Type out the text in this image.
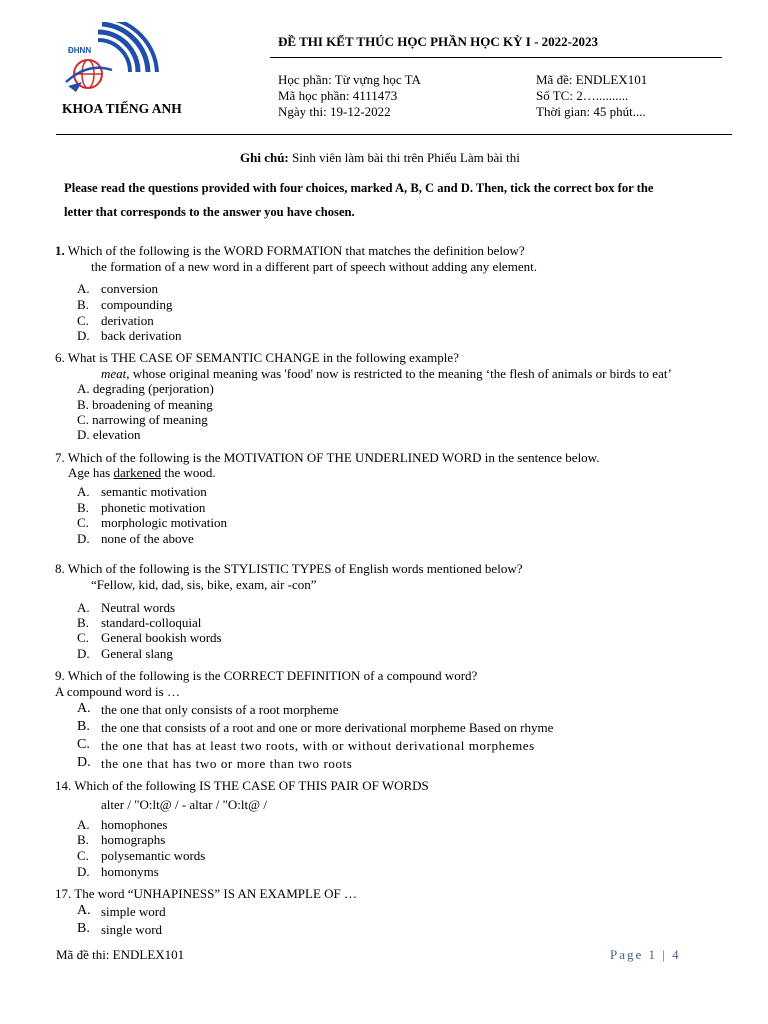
ĐHNN
KHOA TIẾNG ANH
ĐỀ THI KẾT THÚC HỌC PHẦN HỌC KỲ I - 2022-2023
Học phần: Từ vựng học TA
Mã học phần: 4111473
Ngày thi: 19-12-2022
Mã đề: ENDLEX101
Số TC: 2…..........
Thời gian: 45 phút....
Ghi chú: Sinh viên làm bài thi trên Phiếu Làm bài thi
Please read the questions provided with four choices, marked A, B, C and D. Then, tick the correct box for the
letter that corresponds to the answer you have chosen.
1. Which of the following is the WORD FORMATION that matches the definition below?
the formation of a new word in a different part of speech without adding any element.
A. conversion
B. compounding
C. derivation
D. back derivation
6. What is THE CASE OF SEMANTIC CHANGE in the following example?
meat, whose original meaning was 'food' now is restricted to the meaning ‘the flesh of animals or birds to eat’
A. degrading (perjoration)
B. broadening of meaning
C. narrowing of meaning
D. elevation
7. Which of the following is the MOTIVATION OF THE UNDERLINED WORD in the sentence below.
Age has darkened the wood.
A. semantic motivation
B. phonetic motivation
C. morphologic motivation
D. none of the above
8. Which of the following is the STYLISTIC TYPES of English words mentioned below?
“Fellow, kid, dad, sis, bike, exam, air -con”
A. Neutral words
B. standard-colloquial
C. General bookish words
D. General slang
9. Which of the following is the CORRECT DEFINITION of a compound word?
A compound word is …
A. the one that only consists of a root morpheme
B. the one that consists of a root and one or more derivational morpheme Based on rhyme
C. the one that has at least two roots, with or without derivational morphemes
D. the one that has two or more than two roots
14. Which of the following IS THE CASE OF THIS PAIR OF WORDS
alter / "O:lt@ / - altar / "O:lt@ /
A. homophones
B. homographs
C. polysemantic words
D. homonyms
17. The word “UNHAPINESS” IS AN EXAMPLE OF …
A. simple word
B. single word
Mã đề thi: ENDLEX101	Page 1 | 4
